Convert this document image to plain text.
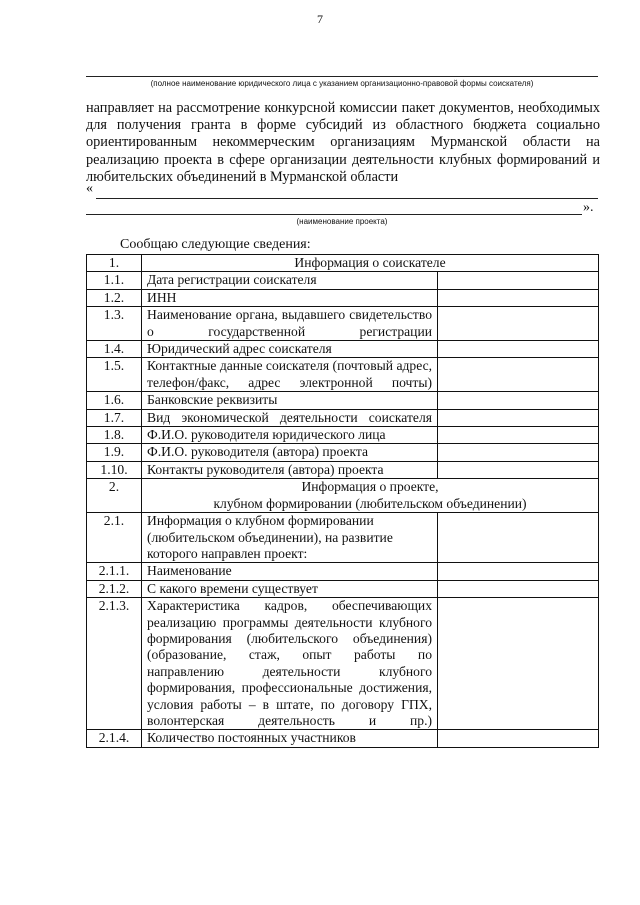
7
(полное наименование юридического лица с указанием организационно-правовой формы соискателя)
направляет на рассмотрение конкурсной комиссии пакет документов, необходимых для получения гранта в форме субсидий из областного бюджета социально ориентированным некоммерческим организациям Мурманской области на реализацию проекта в сфере организации деятельности клубных формирований и любительских объединений в Мурманской области
«
».
(наименование проекта)
Сообщаю следующие сведения:
1.	Информация о соискателе	
1.1.	Дата регистрации соискателя	
1.2.	ИНН	
1.3.	Наименование органа, выдавшего свидетельство о государственной регистрации	
1.4.	Юридический адрес соискателя	
1.5.	Контактные данные соискателя (почтовый адрес, телефон/факс, адрес электронной почты)	
1.6.	Банковские реквизиты	
1.7.	Вид экономической деятельности соискателя	
1.8.	Ф.И.О. руководителя юридического лица	
1.9.	Ф.И.О. руководителя (автора) проекта	
1.10.	Контакты руководителя (автора) проекта	
2.	Информация о проекте,
клубном формировании (любительском объединении)	

2.1.	Информация о клубном формировании (любительском объединении), на развитие которого направлен проект:	
2.1.1.	Наименование	
2.1.2.	С какого времени существует	
2.1.3.	Характеристика кадров, обеспечивающих реализацию программы деятельности клубного формирования (любительского объединения) (образование, стаж, опыт работы по направлению деятельности клубного формирования, профессиональные достижения, условия работы – в штате, по договору ГПХ, волонтерская деятельность и пр.)	
2.1.4.	Количество постоянных участников	
